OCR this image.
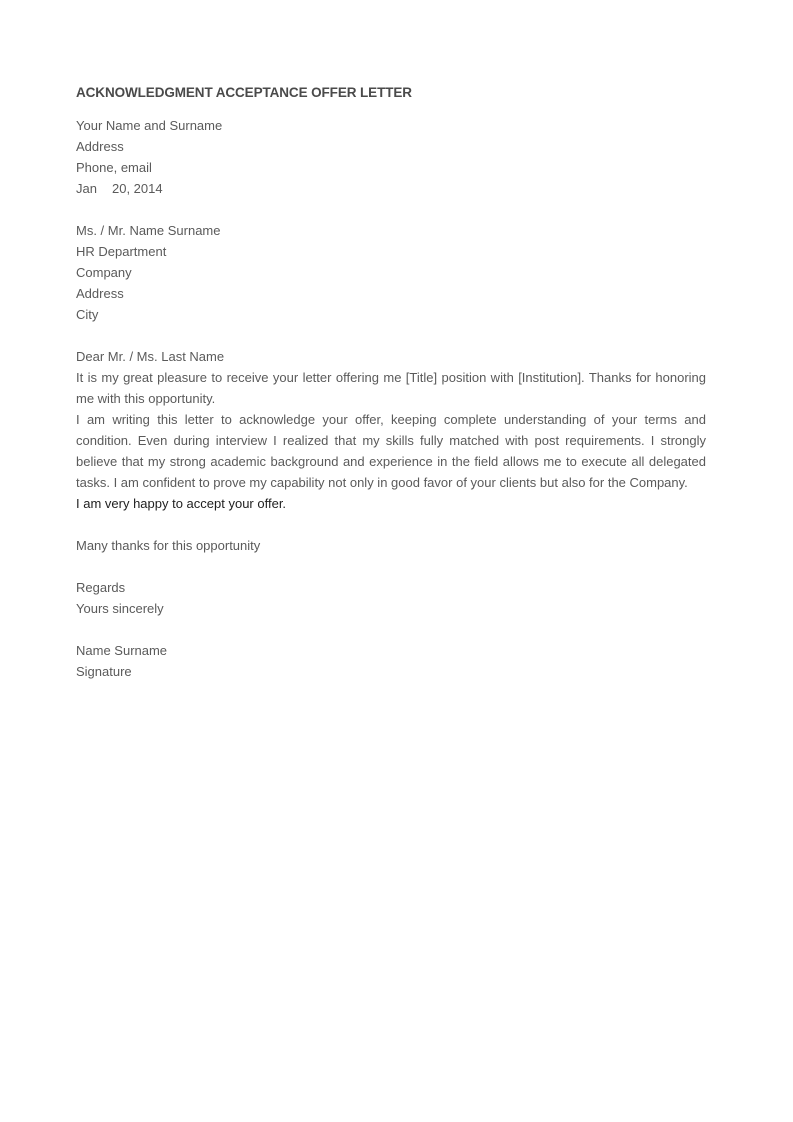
ACKNOWLEDGMENT ACCEPTANCE OFFER LETTER
Your Name and Surname
Address
Phone, email
Jan 20, 2014
Ms. / Mr. Name Surname
HR Department
Company
Address
City
Dear Mr. / Ms. Last Name

It is my great pleasure to receive your letter offering me [Title] position with [Institution]. Thanks for honoring me with this opportunity.

I am writing this letter to acknowledge your offer, keeping complete understanding of your terms and condition. Even during interview I realized that my skills fully matched with post requirements. I strongly believe that my strong academic background and experience in the field allows me to execute all delegated tasks. I am confident to prove my capability not only in good favor of your clients but also for the Company.

I am very happy to accept your offer.
Many thanks for this opportunity
Regards
Yours sincerely
Name Surname
Signature
